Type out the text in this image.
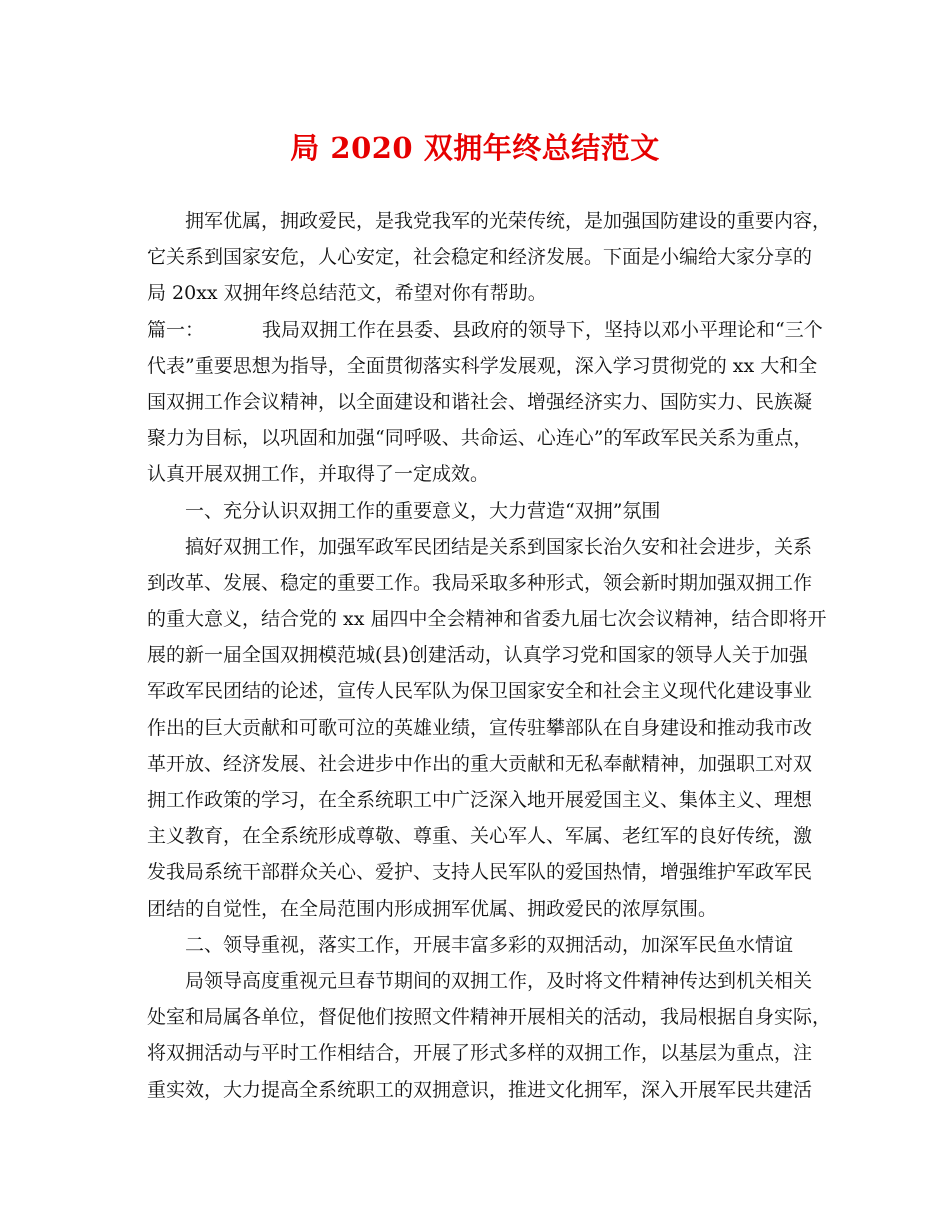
局 2020 双拥年终总结范文
拥军优属，拥政爱民，是我党我军的光荣传统，是加强国防建设的重要内容，
它关系到国家安危，人心安定，社会稳定和经济发展。下面是小编给大家分享的
局 20xx 双拥年终总结范文，希望对你有帮助。
篇一：	我局双拥工作在县委、县政府的领导下，坚持以邓小平理论和“三个
代表”重要思想为指导，全面贯彻落实科学发展观，深入学习贯彻党的 xx 大和全
国双拥工作会议精神，以全面建设和谐社会、增强经济实力、国防实力、民族凝
聚力为目标，以巩固和加强“同呼吸、共命运、心连心”的军政军民关系为重点，
认真开展双拥工作，并取得了一定成效。
一、充分认识双拥工作的重要意义，大力营造“双拥”氛围
搞好双拥工作，加强军政军民团结是关系到国家长治久安和社会进步，关系
到改革、发展、稳定的重要工作。我局采取多种形式，领会新时期加强双拥工作
的重大意义，结合党的 xx 届四中全会精神和省委九届七次会议精神，结合即将开
展的新一届全国双拥模范城(县)创建活动，认真学习党和国家的领导人关于加强
军政军民团结的论述，宣传人民军队为保卫国家安全和社会主义现代化建设事业
作出的巨大贡献和可歌可泣的英雄业绩，宣传驻攀部队在自身建设和推动我市改
革开放、经济发展、社会进步中作出的重大贡献和无私奉献精神，加强职工对双
拥工作政策的学习，在全系统职工中广泛深入地开展爱国主义、集体主义、理想
主义教育，在全系统形成尊敬、尊重、关心军人、军属、老红军的良好传统，激
发我局系统干部群众关心、爱护、支持人民军队的爱国热情，增强维护军政军民
团结的自觉性，在全局范围内形成拥军优属、拥政爱民的浓厚氛围。
二、领导重视，落实工作，开展丰富多彩的双拥活动，加深军民鱼水情谊
局领导高度重视元旦春节期间的双拥工作，及时将文件精神传达到机关相关
处室和局属各单位，督促他们按照文件精神开展相关的活动，我局根据自身实际，
将双拥活动与平时工作相结合，开展了形式多样的双拥工作，以基层为重点，注
重实效，大力提高全系统职工的双拥意识，推进文化拥军，深入开展军民共建活
